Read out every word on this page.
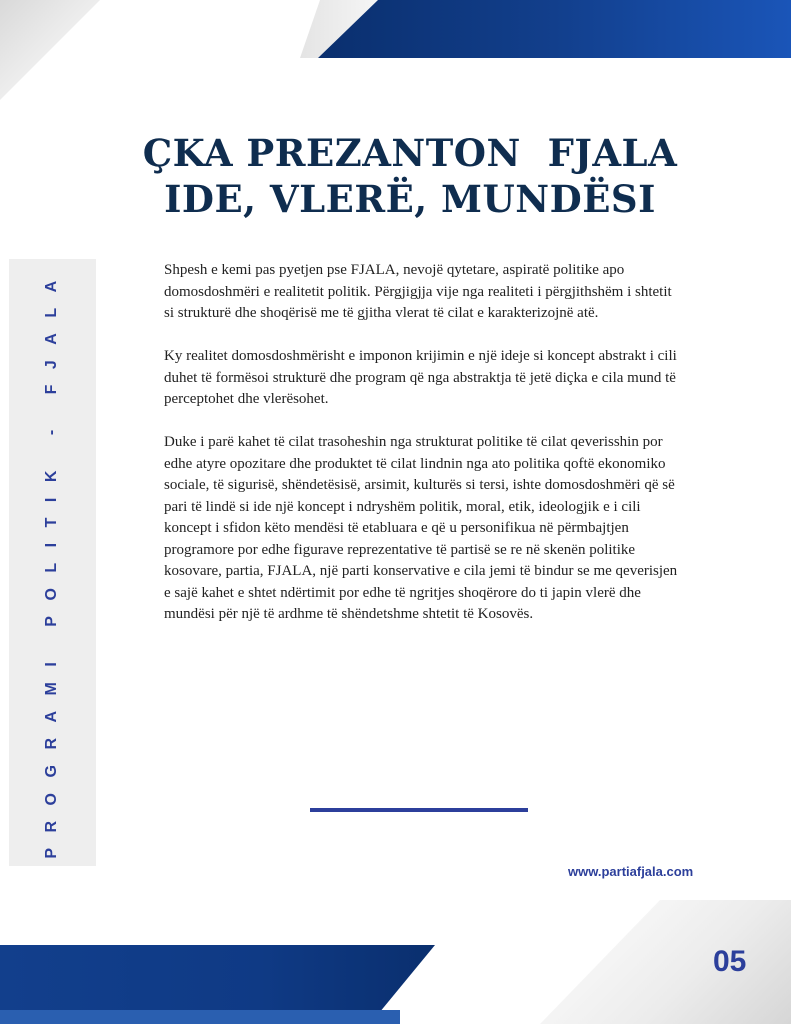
PROGRAMI POLITIK - FJALA
ÇKA PREZANTON  FJALA
IDE, VLERË, MUNDËSI

Shpesh e kemi pas pyetjen pse FJALA, nevojë qytetare, aspiratë politike apo domosdoshmëri e realitetit politik. Përgjigjja vije nga realiteti i përgjithshëm i shtetit si strukturë dhe shoqërisë me të gjitha vlerat të cilat e karakterizojnë atë.

Ky realitet domosdoshmërisht e imponon krijimin e një ideje si koncept abstrakt i cili duhet të formësoi strukturë dhe program që nga abstraktja të jetë diçka e cila mund të perceptohet dhe vlerësohet.

Duke i parë kahet të cilat trasoheshin nga strukturat politike të cilat qeverisshin por edhe atyre opozitare dhe produktet të cilat lindnin nga ato politika qoftë ekonomiko sociale, të sigurisë, shëndetësisë, arsimit, kulturës si tersi, ishte domosdoshmëri që së pari të lindë si ide një koncept i ndryshëm politik, moral, etik, ideologjik e i cili koncept i sfidon këto mendësi të etabluara e që u personifikua në përmbajtjen programore por edhe figurave reprezentative të partisë se re në skenën politike kosovare, partia, FJALA, një parti konservative e cila jemi të bindur se me qeverisjen e sajë kahet e shtet ndërtimit por edhe të ngritjes shoqërore do ti japin vlerë dhe mundësi për një të ardhme të shëndetshme shtetit të Kosovës.

www.partiafjala.com
05
